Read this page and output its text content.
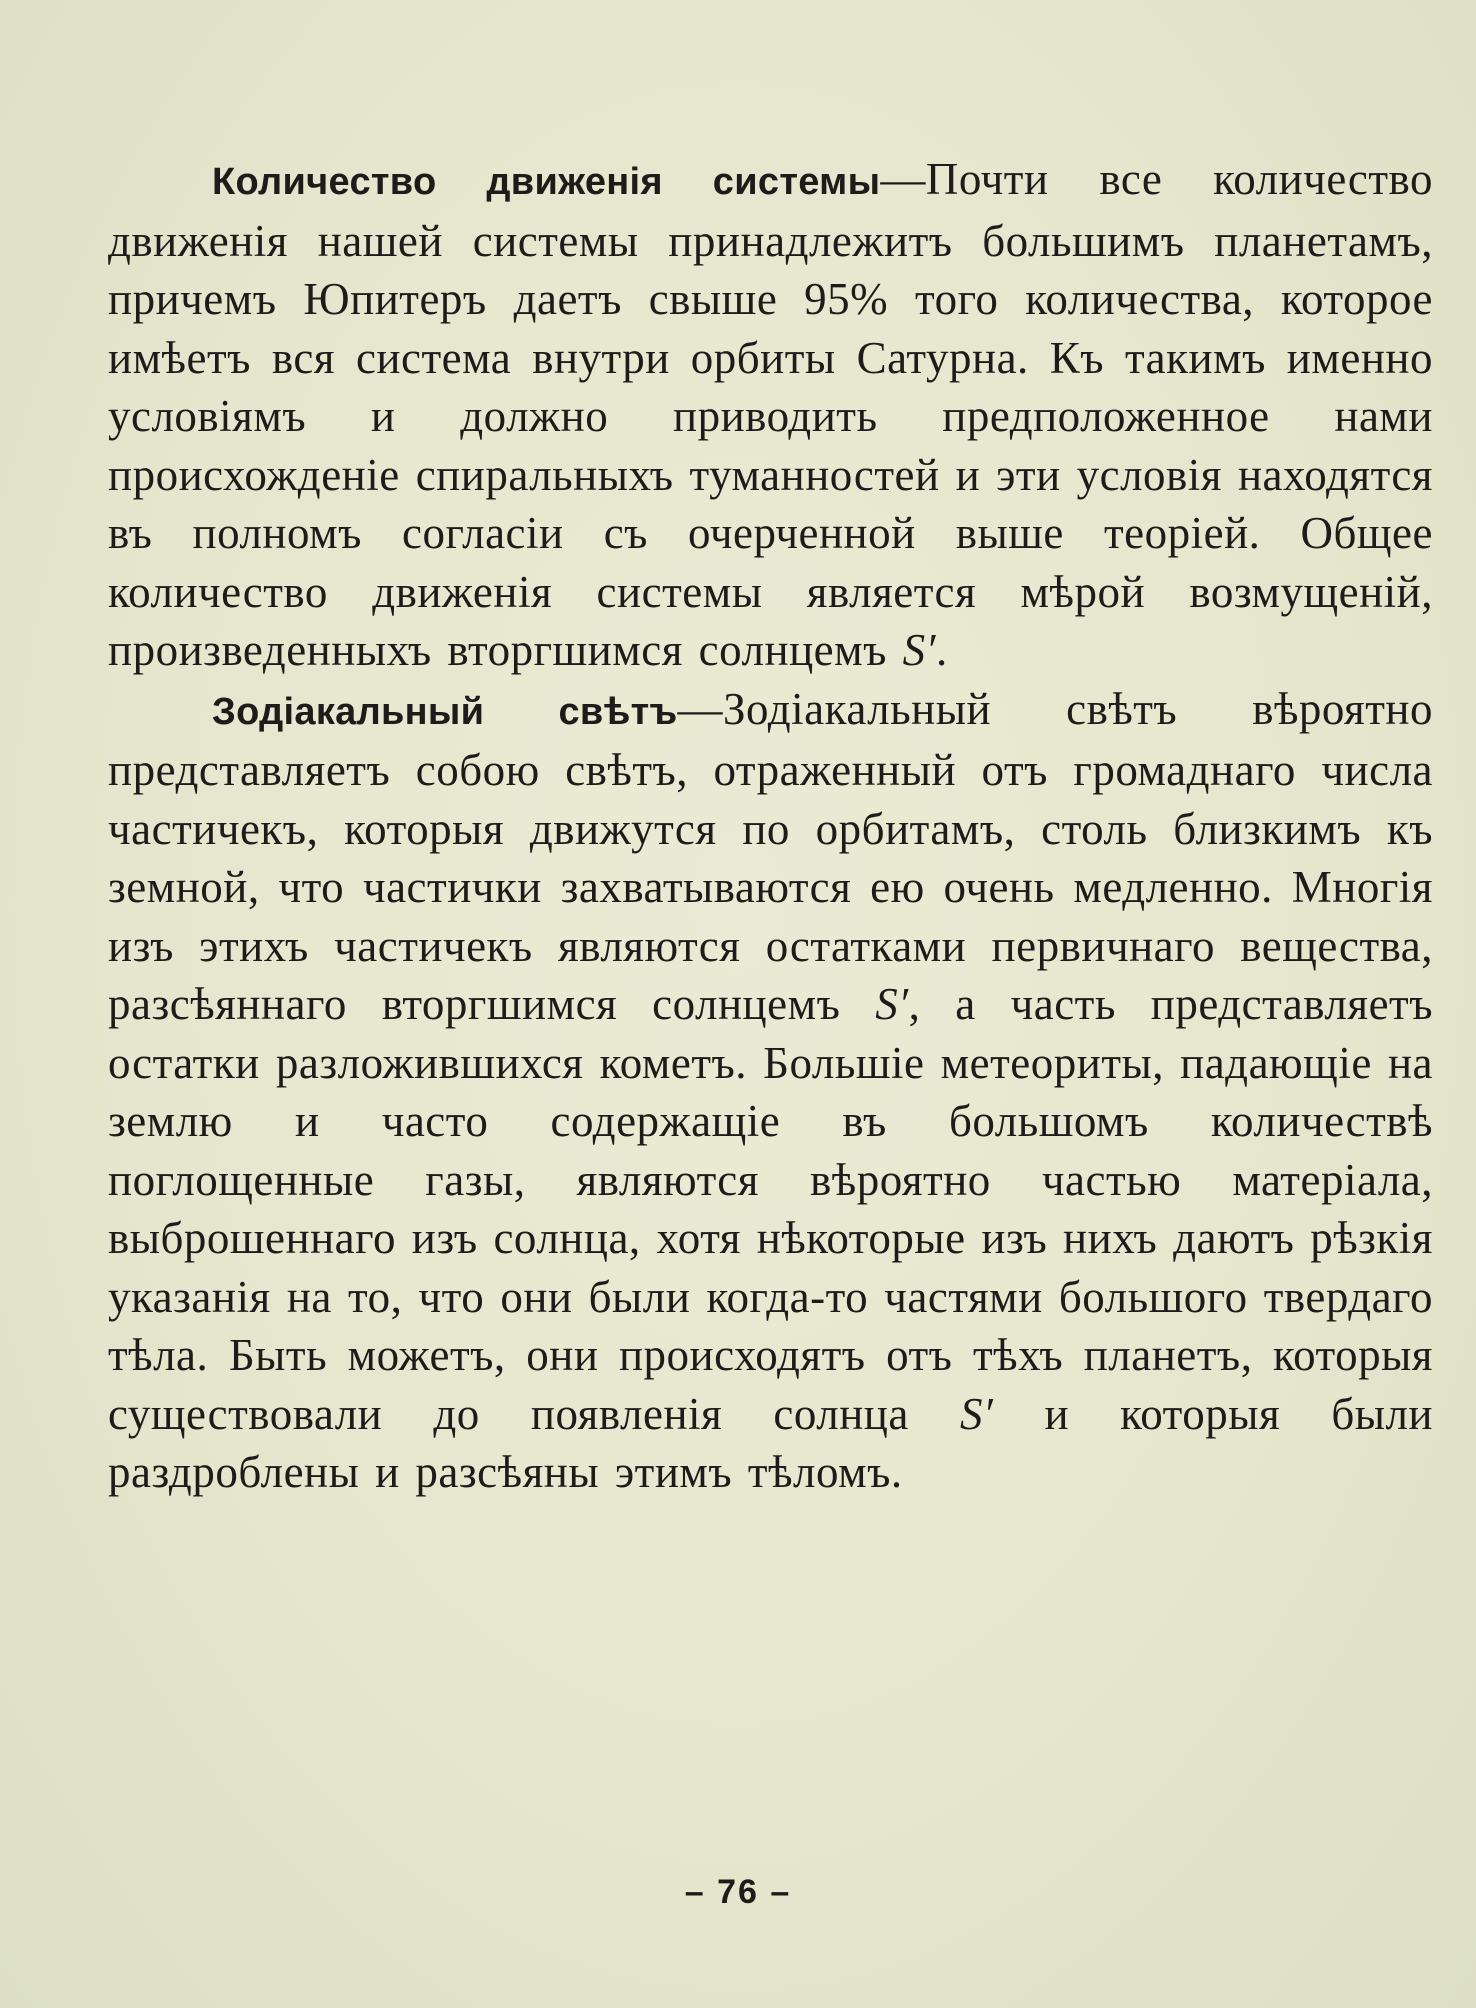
Количество движенія системы—Почти все количество движенія нашей системы принадлежитъ большимъ планетамъ, причемъ Юпитеръ даетъ свыше 95% того количества, которое имѣетъ вся система внутри орбиты Сатурна. Къ такимъ именно условіямъ и должно приводить предположенное нами происхожденіе спиральныхъ туманностей и эти условія находятся въ полномъ согласіи съ очерченной выше теоріей. Общее количество движенія системы является мѣрой возмущеній, произведенныхъ вторгшимся солнцемъ S′.

Зодіакальный свѣтъ—Зодіакальный свѣтъ вѣроятно представляетъ собою свѣтъ, отраженный отъ громаднаго числа частичекъ, которыя движутся по орбитамъ, столь близкимъ къ земной, что частички захватываются ею очень медленно. Многія изъ этихъ частичекъ являются остатками первичнаго вещества, разсѣяннаго вторгшимся солнцемъ S′, а часть представляетъ остатки разложившихся кометъ. Большіе метеориты, падающіе на землю и часто содержащіе въ большомъ количествѣ поглощенные газы, являются вѣроятно частью матеріала, выброшеннаго изъ солнца, хотя нѣкоторые изъ нихъ даютъ рѣзкія указанія на то, что они были когда-то частями большого твердаго тѣла. Быть можетъ, они происходятъ отъ тѣхъ планетъ, которыя существовали до появленія солнца S′ и которыя были раздроблены и разсѣяны этимъ тѣломъ.

– 76 –
